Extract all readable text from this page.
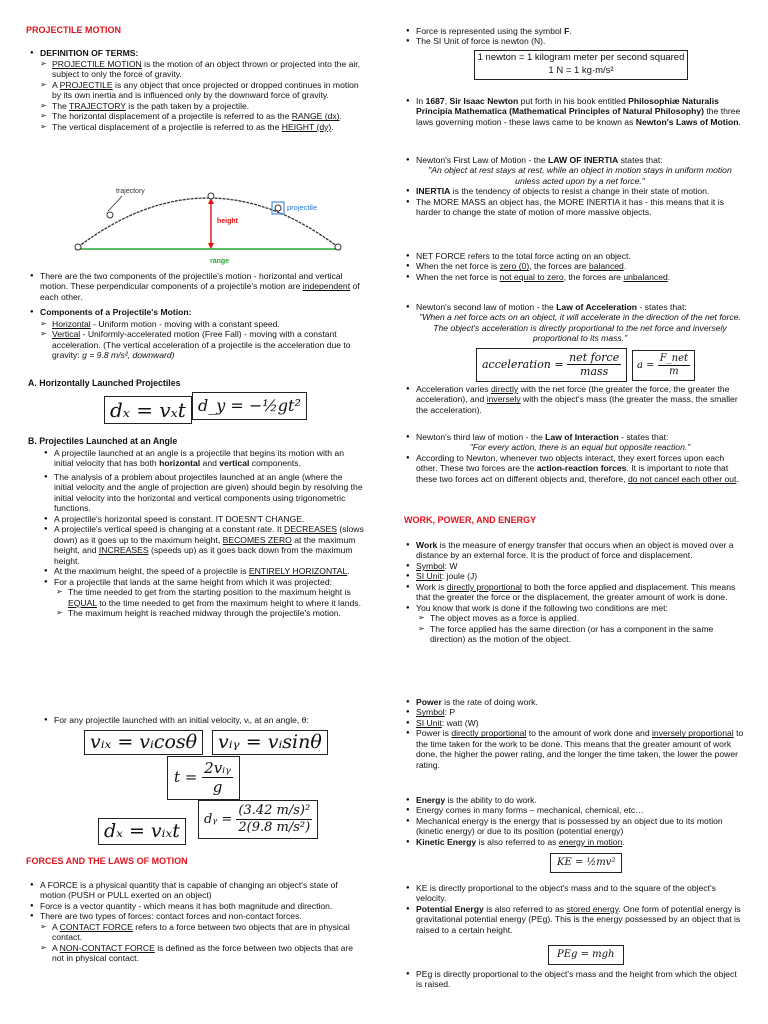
PROJECTILE MOTION
● DEFINITION OF TERMS:
➢ PROJECTILE MOTION is the motion of an object thrown or projected into the air, subject to only the force of gravity.
➢ A PROJECTILE is any object that once projected or dropped continues in motion by its own inertia and is influenced only by the downward force of gravity.
➢ The TRAJECTORY is the path taken by a projectile.
➢ The horizontal displacement of a projectile is referred to as the RANGE (dx).
➢ The vertical displacement of a projectile is referred to as the HEIGHT (dy).
trajectory
projectile
height
range
● There are the two components of the projectile's motion - horizontal and vertical motion. These perpendicular components of a projectile's motion are independent of each other.
● Components of a Projectile's Motion:
➢ Horizontal - Uniform motion - moving with a constant speed.
➢ Vertical - Uniformly-accelerated motion (Free Fall) - moving with a constant acceleration. (The vertical acceleration of a projectile is the acceleration due to gravity: g = 9.8 m/s², downward)
A. Horizontally Launched Projectiles
dₓ = vₓt d_y = −½gt²
B. Projectiles Launched at an Angle
● A projectile launched at an angle is a projectile that begins its motion with an initial velocity that has both horizontal and vertical components.
● The analysis of a problem about projectiles launched at an angle (where the initial velocity and the angle of projection are given) should begin by resolving the initial velocity into the horizontal and vertical components using trigonometric functions.
● A projectile's horizontal speed is constant. IT DOESN'T CHANGE.
● A projectile's vertical speed is changing at a constant rate. It DECREASES (slows down) as it goes up to the maximum height, BECOMES ZERO at the maximum height, and INCREASES (speeds up) as it goes back down from the maximum height.
● At the maximum height, the speed of a projectile is ENTIRELY HORIZONTAL.
● For a projectile that lands at the same height from which it was projected:
➢ The time needed to get from the starting position to the maximum height is EQUAL to the time needed to get from the maximum height to where it lands.
➢ The maximum height is reached midway through the projectile's motion.
● For any projectile launched with an initial velocity, vᵢ, at an angle, θ:
vᵢₓ = vᵢcosθ	vᵢᵧ = vᵢsinθ
$t = \frac{\text{2vᵢᵧ}}{g}$
dₓ = vᵢₓt
dᵧ = $\frac{\text{(3.42 m/s)²}}{\text{2(9.8 m/s²)}}$
FORCES AND THE LAWS OF MOTION
● A FORCE is a physical quantity that is capable of changing an object's state of motion (PUSH or PULL exerted on an object)
● Force is a vector quantity - which means it has both magnitude and direction.
● There are two types of forces: contact forces and non-contact forces.
➢ A CONTACT FORCE refers to a force between two objects that are in physical contact.
➢ A NON-CONTACT FORCE is defined as the force between two objects that are not in physical contact.
● Force is represented using the symbol F.
● The SI Unit of force is newton (N).
1 newton = 1 kilogram meter per second squared
1 N = 1 kg·m/s²
● In 1687, Sir Isaac Newton put forth in his book entitled Philosophiæ Naturalis Principia Mathematica (Mathematical Principles of Natural Philosophy) the three laws governing motion - these laws came to be known as Newton's Laws of Motion.
● Newton's First Law of Motion - the LAW OF INERTIA states that:
"An object at rest stays at rest, while an object in motion stays in uniform motion unless acted upon by a net force."
● INERTIA is the tendency of objects to resist a change in their state of motion.
● The MORE MASS an object has, the MORE INERTIA it has - this means that it is harder to change the state of motion of more massive objects.
● NET FORCE refers to the total force acting on an object.
● When the net force is zero (0), the forces are balanced.
● When the net force is not equal to zero, the forces are unbalanced.
● Newton's second law of motion - the Law of Acceleration - states that:
"When a net force acts on an object, it will accelerate in the direction of the net force. The object's acceleration is directly proportional to the net force and inversely proportional to its mass."
acceleration = $\frac{\text{net force}}{\text{mass}}$	$a = \frac{\text{F\_net}}{m}$
● Acceleration varies directly with the net force (the greater the force, the greater the acceleration), and inversely with the object's mass (the greater the mass, the smaller the acceleration).
● Newton's third law of motion - the Law of Interaction - states that:
"For every action, there is an equal but opposite reaction."
● According to Newton, whenever two objects interact, they exert forces upon each other. These two forces are the action-reaction forces. It is important to note that these two forces act on different objects and, therefore, do not cancel each other out.
WORK, POWER, AND ENERGY
● Work is the measure of energy transfer that occurs when an object is moved over a distance by an external force. It is the product of force and displacement.
● Symbol: W
● SI Unit: joule (J)
● Work is directly proportional to both the force applied and displacement. This means that the greater the force or the displacement, the greater amount of work is done.
● You know that work is done if the following two conditions are met:
➢ The object moves as a force is applied.
➢ The force applied has the same direction (or has a component in the same direction) as the motion of the object.
● Power is the rate of doing work.
● Symbol: P
● SI Unit: watt (W)
● Power is directly proportional to the amount of work done and inversely proportional to the time taken for the work to be done. This means that the greater amount of work done, the higher the power rating, and the longer the time taken, the lower the power rating.
● Energy is the ability to do work.
● Energy comes in many forms – mechanical, chemical, etc…
● Mechanical energy is the energy that is possessed by an object due to its motion (kinetic energy) or due to its position (potential energy)
● Kinetic Energy is also referred to as energy in motion.
KE = ½mv²
● KE is directly proportional to the object's mass and to the square of the object's velocity.
● Potential Energy is also referred to as stored energy. One form of potential energy is gravitational potential energy (PEg). This is the energy possessed by an object that is raised to a certain height.
PEg = mgh
● PEg is directly proportional to the object's mass and the height from which the object is raised.
